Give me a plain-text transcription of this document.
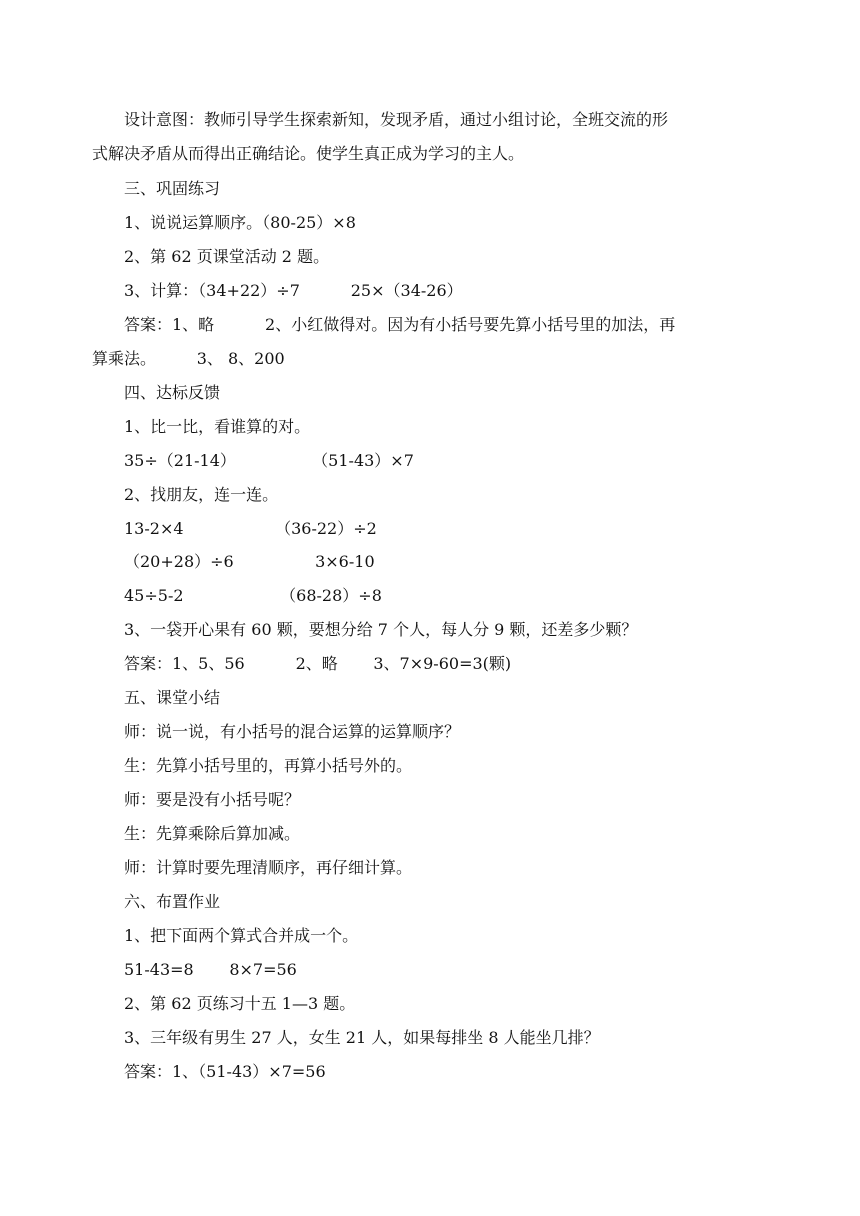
设计意图：教师引导学生探索新知，发现矛盾，通过小组讨论，全班交流的形

式解决矛盾从而得出正确结论。使学生真正成为学习的主人。

三、巩固练习

1、说说运算顺序。（80-25）×8

2、第 62 页课堂活动 2 题。

3、计算：（34+22）÷7          25×（34-26）

答案：1、略          2、小红做得对。因为有小括号要先算小括号里的加法，再

算乘法。        3、 8、200

四、达标反馈

1、比一比，看谁算的对。

35÷（21-14）               （51-43）×7

2、找朋友，连一连。

13-2×4                  （36-22）÷2

（20+28）÷6                3×6-10

45÷5-2                   （68-28）÷8

3、一袋开心果有 60 颗，要想分给 7 个人，每人分 9 颗，还差多少颗？

答案：1、5、56          2、略       3、7×9-60=3(颗)

五、课堂小结

师：说一说，有小括号的混合运算的运算顺序？

生：先算小括号里的，再算小括号外的。

师：要是没有小括号呢？

生：先算乘除后算加减。

师：计算时要先理清顺序，再仔细计算。

六、布置作业

1、把下面两个算式合并成一个。

51-43=8       8×7=56

2、第 62 页练习十五 1—3 题。

3、三年级有男生 27 人，女生 21 人，如果每排坐 8 人能坐几排？

答案：1、（51-43）×7=56
